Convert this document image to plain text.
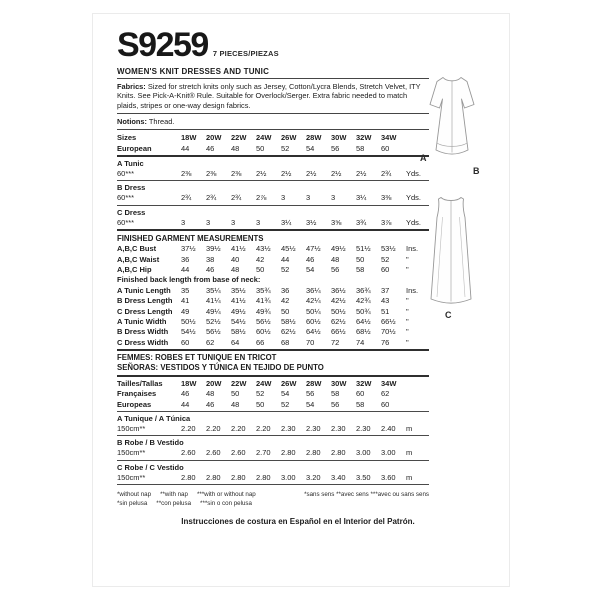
S9259 7 PIECES/PIEZAS
WOMEN'S KNIT DRESSES AND TUNIC
Fabrics: Sized for stretch knits only such as Jersey, Cotton/Lycra Blends, Stretch Velvet, ITY Knits. See Pick-A-Knit® Rule. Suitable for Overlock/Serger. Extra fabric needed to match plaids, stripes or one-way design fabrics.
Notions: Thread.
Sizes	18W	20W	22W	24W	26W	28W	30W	32W	34W
European	44	46	48	50	52	54	56	58	60
A Tunic
60***	2⅜	2⅜	2⅜	2½	2½	2½	2½	2½	2¾	Yds.
B Dress
60***	2¾	2¾	2¾	2⅞	3	3	3	3¼	3⅜	Yds.
C Dress
60***	3	3	3	3	3¼	3½	3⅝	3¾	3⅞	Yds.
FINISHED GARMENT MEASUREMENTS
A,B,C Bust	37½	39½	41½	43½	45½	47½	49½	51½	53½	Ins.
A,B,C Waist	36	38	40	42	44	46	48	50	52	"
A,B,C Hip	44	46	48	50	52	54	56	58	60	"
Finished back length from base of neck:
A Tunic Length	35	35¼	35½	35¾	36	36¼	36½	36¾	37	Ins.
B Dress Length	41	41¼	41½	41¾	42	42¼	42½	42¾	43	"
C Dress Length	49	49¼	49½	49¾	50	50¼	50½	50¾	51	"
A Tunic Width	50½	52½	54½	56½	58½	60½	62½	64½	66½	"
B Dress Width	54½	56½	58½	60½	62½	64½	66½	68½	70½	"
C Dress Width	60	62	64	66	68	70	72	74	76	"
FEMMES: ROBES ET TUNIQUE EN TRICOT
SEÑORAS: VESTIDOS Y TÚNICA EN TEJIDO DE PUNTO
Tailles/Tallas	18W	20W	22W	24W	26W	28W	30W	32W	34W
Françaises	46	48	50	52	54	56	58	60	62
Europeas	44	46	48	50	52	54	56	58	60
A Tunique / A Túnica
150cm**	2.20	2.20	2.20	2.20	2.30	2.30	2.30	2.30	2.40	m
B Robe / B Vestido
150cm**	2.60	2.60	2.60	2.70	2.80	2.80	2.80	3.00	3.00	m
C Robe / C Vestido
150cm**	2.80	2.80	2.80	2.80	3.00	3.20	3.40	3.50	3.60	m
*without nap **with nap ***with or without nap
*sin pelusa **con pelusa ***sin o con pelusa
*sans sens **avec sens ***avec ou sans sens
Instrucciones de costura en Español en el Interior del Patrón.
A
B
C
